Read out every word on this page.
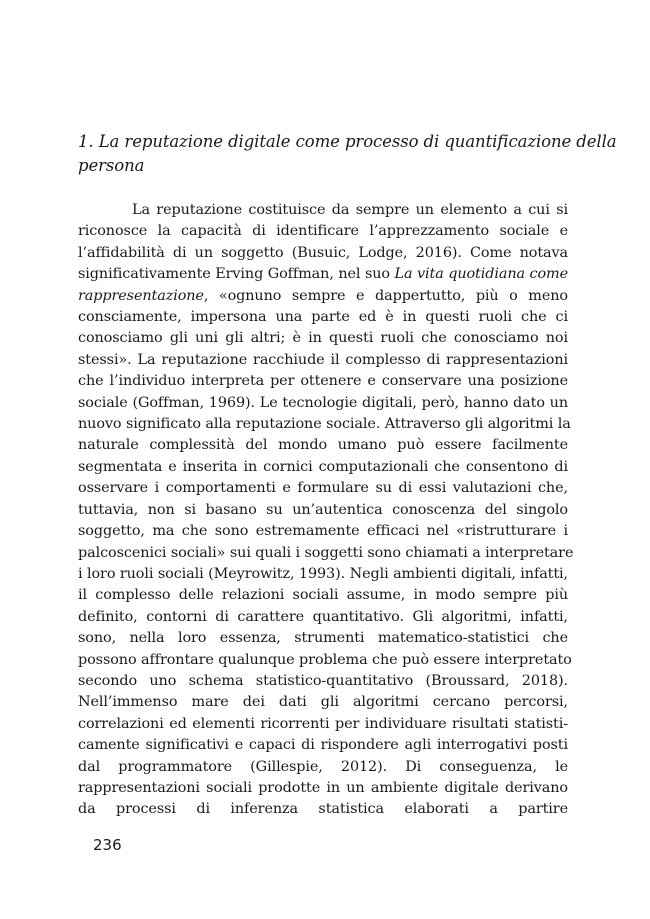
1. La reputazione digitale come processo di quantificazione della
persona
La reputazione costituisce da sempre un elemento a cui si
riconosce la capacità di identificare l’apprezzamento sociale e
l’affidabilità di un soggetto (Busuic, Lodge, 2016). Come notava
significativamente Erving Goffman, nel suo La vita quotidiana come
rappresentazione, «ognuno sempre e dappertutto, più o meno
consciamente, impersona una parte ed è in questi ruoli che ci
conosciamo gli uni gli altri; è in questi ruoli che conosciamo noi
stessi». La reputazione racchiude il complesso di rappresentazioni
che l’individuo interpreta per ottenere e conservare una posizione
sociale (Goffman, 1969). Le tecnologie digitali, però, hanno dato un
nuovo significato alla reputazione sociale. Attraverso gli algoritmi la
naturale complessità del mondo umano può essere facilmente
segmentata e inserita in cornici computazionali che consentono di
osservare i comportamenti e formulare su di essi valutazioni che,
tuttavia, non si basano su un’autentica conoscenza del singolo
soggetto, ma che sono estremamente efficaci nel «ristrutturare i
palcoscenici sociali» sui quali i soggetti sono chiamati a interpretare
i loro ruoli sociali (Meyrowitz, 1993). Negli ambienti digitali, infatti,
il complesso delle relazioni sociali assume, in modo sempre più
definito, contorni di carattere quantitativo. Gli algoritmi, infatti,
sono, nella loro essenza, strumenti matematico-statistici che
possono affrontare qualunque problema che può essere interpretato
secondo uno schema statistico-quantitativo (Broussard, 2018).
Nell’immenso mare dei dati gli algoritmi cercano percorsi,
correlazioni ed elementi ricorrenti per individuare risultati statisti-
camente significativi e capaci di rispondere agli interrogativi posti
dal programmatore (Gillespie, 2012). Di conseguenza, le
rappresentazioni sociali prodotte in un ambiente digitale derivano
da processi di inferenza statistica elaborati a partire
236
